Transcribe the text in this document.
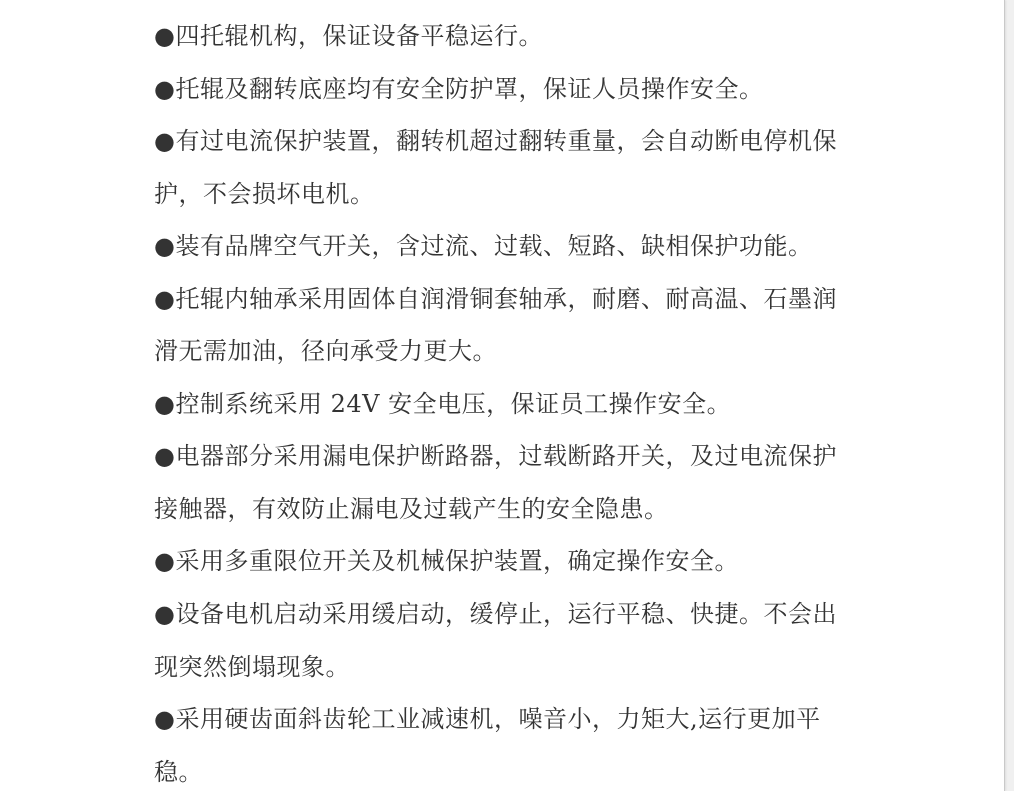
●四托辊机构，保证设备平稳运行。
●托辊及翻转底座均有安全防护罩，保证人员操作安全。
●有过电流保护装置，翻转机超过翻转重量，会自动断电停机保
护，不会损坏电机。
●装有品牌空气开关，含过流、过载、短路、缺相保护功能。
●托辊内轴承采用固体自润滑铜套轴承，耐磨、耐高温、石墨润
滑无需加油，径向承受力更大。
●控制系统采用 24V 安全电压，保证员工操作安全。
●电器部分采用漏电保护断路器，过载断路开关，及过电流保护
接触器，有效防止漏电及过载产生的安全隐患。
●采用多重限位开关及机械保护装置，确定操作安全。
●设备电机启动采用缓启动，缓停止，运行平稳、快捷。不会出
现突然倒塌现象。
●采用硬齿面斜齿轮工业减速机，噪音小，力矩大,运行更加平
稳。
